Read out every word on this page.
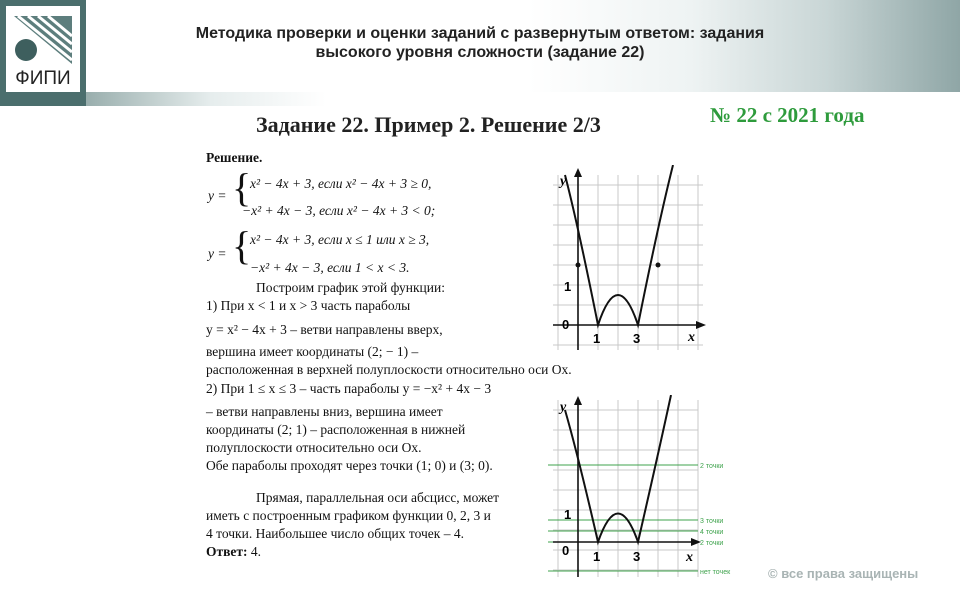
ФИПИ
Методика проверки и оценки заданий с развернутым ответом: задания
высокого уровня сложности (задание 22)
Задание 22. Пример 2. Решение 2/3	№ 22 с 2021 года
Решение.
y = {
x² − 4x + 3, если x² − 4x + 3 ≥ 0,
−x² + 4x − 3, если x² − 4x + 3 < 0;
y = {
x² − 4x + 3, если x ≤ 1 или x ≥ 3,
−x² + 4x − 3, если 1 < x < 3.
Построим график этой функции:
1) При x < 1 и x > 3 часть параболы
y = x² − 4x + 3 – ветви направлены вверх,
вершина имеет координаты (2; − 1) –
расположенная в верхней полуплоскости относительно оси Ox.
2) При 1 ≤ x ≤ 3 – часть параболы y = −x² + 4x − 3
– ветви направлены вниз, вершина имеет
координаты (2; 1) – расположенная в нижней
полуплоскости относительно оси Ox.
Обе параболы проходят через точки (1; 0) и (3; 0).
Прямая, параллельная оси абсцисс, может
иметь с построенным графиком функции 0, 2, 3 и
4 точки. Наибольшее число общих точек – 4.
Ответ: 4.
y
x
1
0
1	3
y
x
1
0 1	3
2 точки
3 точки
4 точки
2 точки
нет точек	© все права защищены
